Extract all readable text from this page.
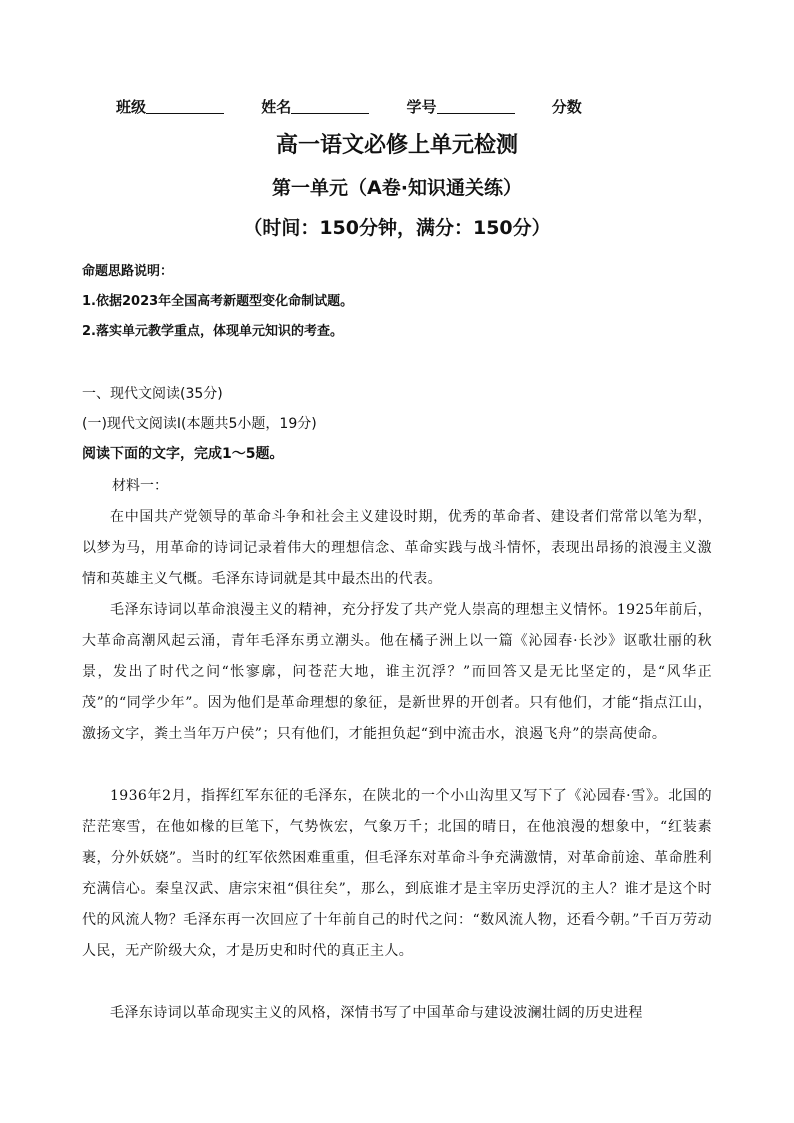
班级	姓名	学号	分数
高一语文必修上单元检测
第一单元（A卷·知识通关练）
（时间：150分钟，满分：150分）
命题思路说明：
1.依据2023年全国高考新题型变化命制试题。
2.落实单元教学重点，体现单元知识的考查。
一、现代文阅读(35分)
(一)现代文阅读Ⅰ(本题共5小题，19分)
阅读下面的文字，完成1～5题。
材料一：
在中国共产党领导的革命斗争和社会主义建设时期，优秀的革命者、建设者们常常以笔为犁，以梦为马，用革命的诗词记录着伟大的理想信念、革命实践与战斗情怀，表现出昂扬的浪漫主义激情和英雄主义气概。毛泽东诗词就是其中最杰出的代表。
毛泽东诗词以革命浪漫主义的精神，充分抒发了共产党人崇高的理想主义情怀。1925年前后，大革命高潮风起云涌，青年毛泽东勇立潮头。他在橘子洲上以一篇《沁园春·长沙》讴歌壮丽的秋景，发出了时代之问“怅寥廓，问苍茫大地，谁主沉浮？”而回答又是无比坚定的，是“风华正茂”的“同学少年”。因为他们是革命理想的象征，是新世界的开创者。只有他们，才能“指点江山，激扬文字，粪土当年万户侯”；只有他们，才能担负起“到中流击水，浪遏飞舟”的崇高使命。
1936年2月，指挥红军东征的毛泽东，在陕北的一个小山沟里又写下了《沁园春·雪》。北国的茫茫寒雪，在他如椽的巨笔下，气势恢宏，气象万千；北国的晴日，在他浪漫的想象中，“红装素裹，分外妖娆”。当时的红军依然困难重重，但毛泽东对革命斗争充满激情，对革命前途、革命胜利充满信心。秦皇汉武、唐宗宋祖“俱往矣”，那么，到底谁才是主宰历史浮沉的主人？谁才是这个时代的风流人物？毛泽东再一次回应了十年前自己的时代之问：“数风流人物，还看今朝。”千百万劳动人民，无产阶级大众，才是历史和时代的真正主人。
毛泽东诗词以革命现实主义的风格，深情书写了中国革命与建设波澜壮阔的历史进程
